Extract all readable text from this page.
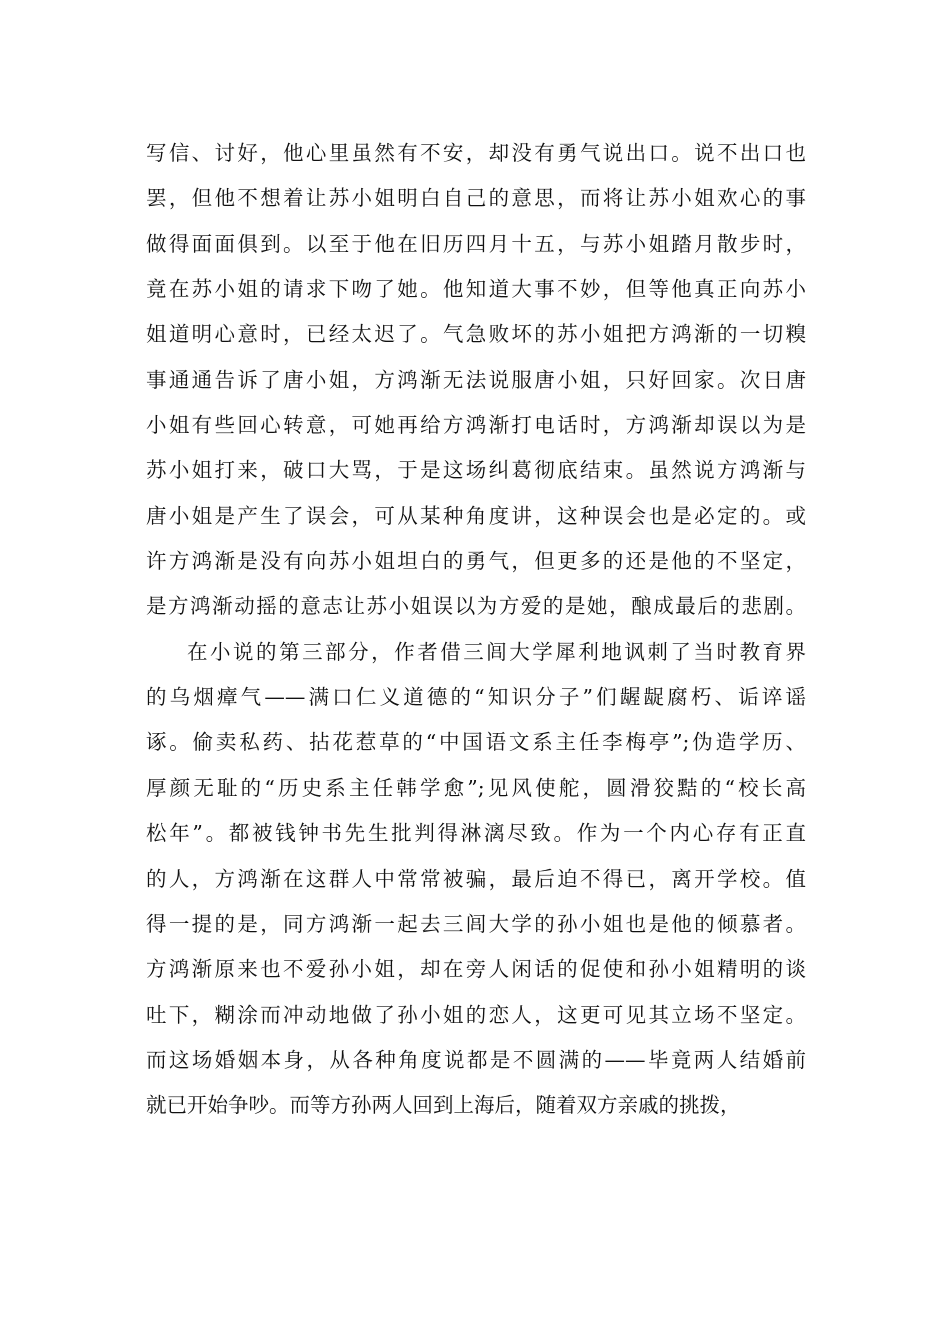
写信、讨好，他心里虽然有不安，却没有勇气说出口。说不出口也
罢，但他不想着让苏小姐明白自己的意思，而将让苏小姐欢心的事
做得面面俱到。以至于他在旧历四月十五，与苏小姐踏月散步时，
竟在苏小姐的请求下吻了她。他知道大事不妙，但等他真正向苏小
姐道明心意时，已经太迟了。气急败坏的苏小姐把方鸿渐的一切糗
事通通告诉了唐小姐，方鸿渐无法说服唐小姐，只好回家。次日唐
小姐有些回心转意，可她再给方鸿渐打电话时，方鸿渐却误以为是
苏小姐打来，破口大骂，于是这场纠葛彻底结束。虽然说方鸿渐与
唐小姐是产生了误会，可从某种角度讲，这种误会也是必定的。或
许方鸿渐是没有向苏小姐坦白的勇气，但更多的还是他的不坚定，
是方鸿渐动摇的意志让苏小姐误以为方爱的是她，酿成最后的悲剧。
在小说的第三部分，作者借三闾大学犀利地讽刺了当时教育界
的乌烟瘴气——满口仁义道德的“知识分子”们龌龊腐朽、诟谇谣
诼。偷卖私药、拈花惹草的“中国语文系主任李梅亭”;伪造学历、
厚颜无耻的“历史系主任韩学愈”;见风使舵，圆滑狡黠的“校长高
松年”。都被钱钟书先生批判得淋漓尽致。作为一个内心存有正直
的人，方鸿渐在这群人中常常被骗，最后迫不得已，离开学校。值
得一提的是，同方鸿渐一起去三闾大学的孙小姐也是他的倾慕者。
方鸿渐原来也不爱孙小姐，却在旁人闲话的促使和孙小姐精明的谈
吐下，糊涂而冲动地做了孙小姐的恋人，这更可见其立场不坚定。
而这场婚姻本身，从各种角度说都是不圆满的——毕竟两人结婚前
就已开始争吵。而等方孙两人回到上海后，随着双方亲戚的挑拨，
